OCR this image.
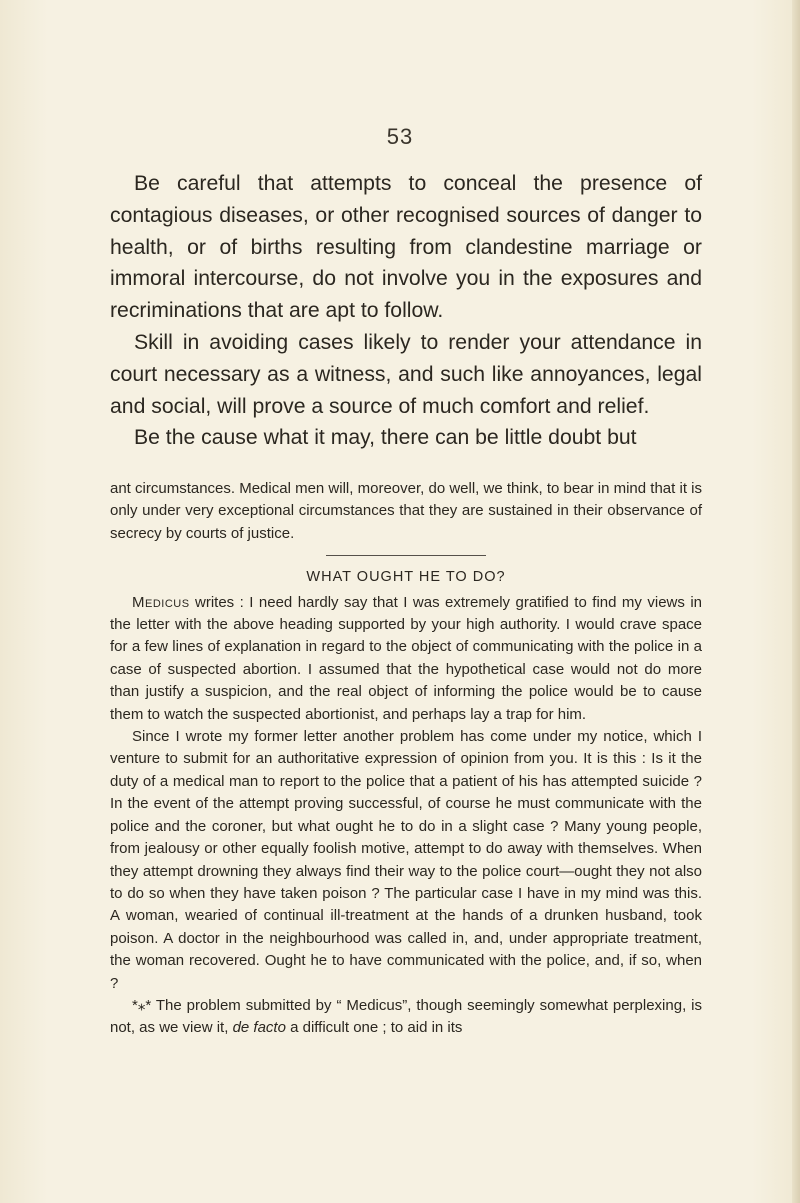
53

Be careful that attempts to conceal the presence of contagious diseases, or other recognised sources of danger to health, or of births resulting from clandestine marriage or immoral intercourse, do not involve you in the exposures and recriminations that are apt to follow.

Skill in avoiding cases likely to render your attendance in court necessary as a witness, and such like annoyances, legal and social, will prove a source of much comfort and relief.

Be the cause what it may, there can be little doubt but

ant circumstances. Medical men will, moreover, do well, we think, to bear in mind that it is only under very exceptional circumstances that they are sustained in their observance of secrecy by courts of justice.

WHAT OUGHT HE TO DO?

Medicus writes : I need hardly say that I was extremely gratified to find my views in the letter with the above heading supported by your high authority. I would crave space for a few lines of explanation in regard to the object of communicating with the police in a case of suspected abortion. I assumed that the hypothetical case would not do more than justify a suspicion, and the real object of informing the police would be to cause them to watch the suspected abortionist, and perhaps lay a trap for him.

Since I wrote my former letter another problem has come under my notice, which I venture to submit for an authoritative expression of opinion from you. It is this : Is it the duty of a medical man to report to the police that a patient of his has attempted suicide ? In the event of the attempt proving successful, of course he must communicate with the police and the coroner, but what ought he to do in a slight case ? Many young people, from jealousy or other equally foolish motive, attempt to do away with themselves. When they attempt drowning they always find their way to the police court—ought they not also to do so when they have taken poison ? The particular case I have in my mind was this. A woman, wearied of continual ill-treatment at the hands of a drunken husband, took poison. A doctor in the neighbourhood was called in, and, under appropriate treatment, the woman recovered. Ought he to have communicated with the police, and, if so, when ?

*⁎* The problem submitted by “ Medicus”, though seemingly somewhat perplexing, is not, as we view it, de facto a difficult one ; to aid in its
